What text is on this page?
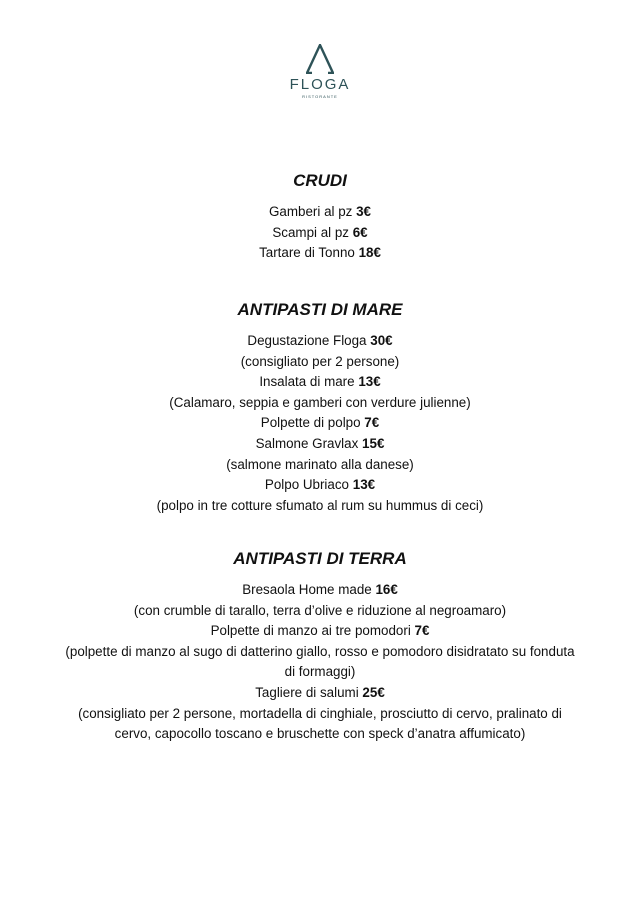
FLOGA
RISTORANTE
CRUDI
Gamberi al pz 3€
Scampi al pz 6€
Tartare di Tonno 18€
ANTIPASTI DI MARE
Degustazione Floga 30€
(consigliato per 2 persone)
Insalata di mare 13€
(Calamaro, seppia e gamberi con verdure julienne)
Polpette di polpo 7€
Salmone Gravlax 15€
(salmone marinato alla danese)
Polpo Ubriaco 13€
(polpo in tre cotture sfumato al rum su hummus di ceci)
ANTIPASTI DI TERRA
Bresaola Home made 16€
(con crumble di tarallo, terra d’olive e riduzione al negroamaro)
Polpette di manzo ai tre pomodori 7€
(polpette di manzo al sugo di datterino giallo, rosso e pomodoro disidratato su fonduta di formaggi)
Tagliere di salumi 25€
(consigliato per 2 persone, mortadella di cinghiale, prosciutto di cervo, pralinato di cervo, capocollo toscano e bruschette con speck d’anatra affumicato)
